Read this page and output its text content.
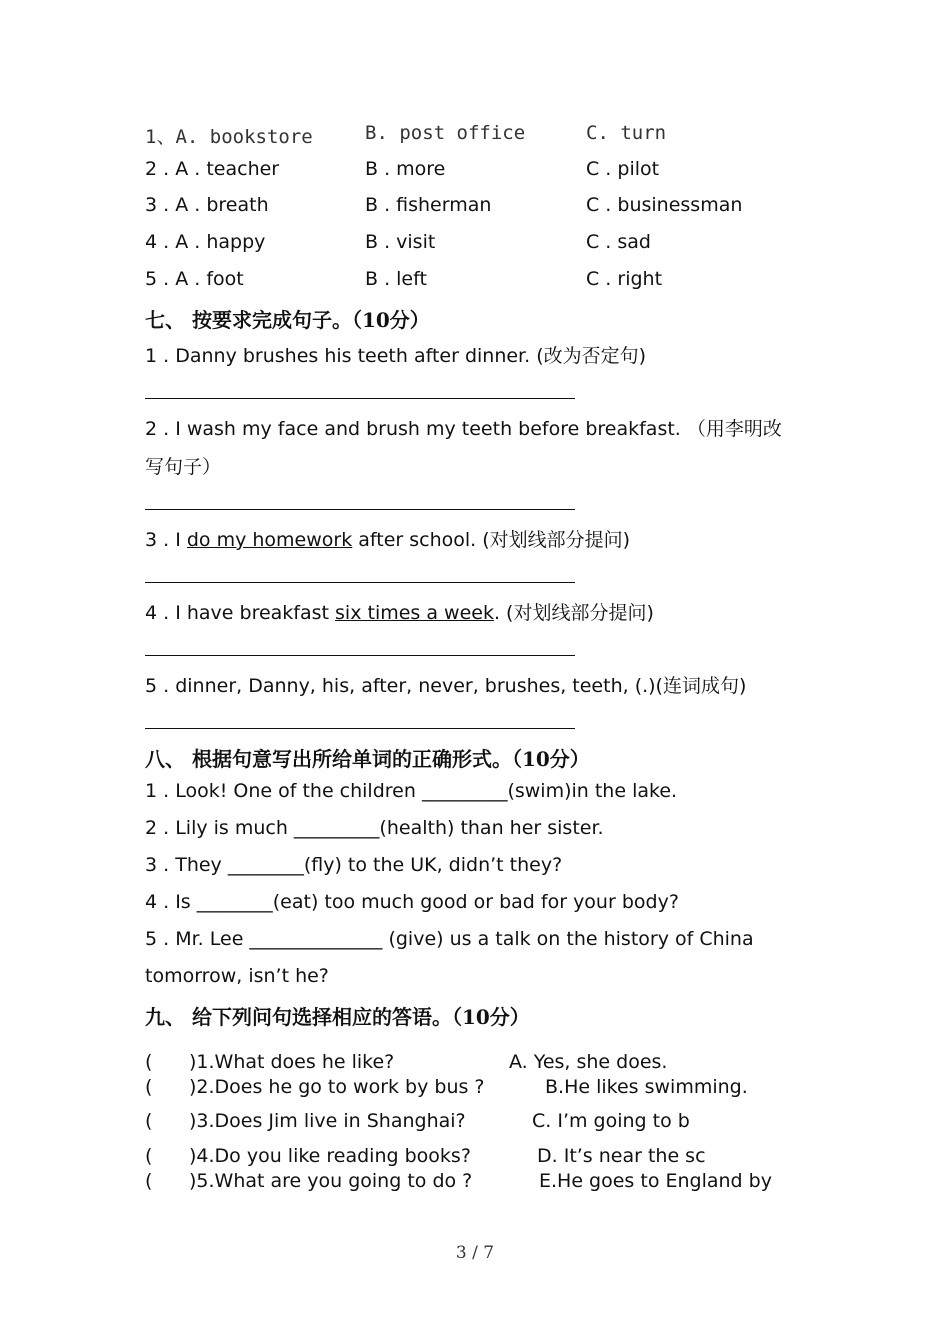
1、A. bookstore	B. post office	C. turn
2 . A . teacher	B . more	C . pilot
3 . A . breath	B . fisherman	C . businessman
4 . A . happy	B . visit	C . sad
5 . A . foot	B . left	C . right
七、 按要求完成句子。（10分）
1 . Danny brushes his teeth after dinner. (改为否定句)
2 . I wash my face and brush my teeth before breakfast. （用李明改
写句子）
3 . I do my homework after school. (对划线部分提问)
4 . I have breakfast six times a week. (对划线部分提问)
5 . dinner, Danny, his, after, never, brushes, teeth, (.)(连词成句)
八、 根据句意写出所给单词的正确形式。（10分）
1 . Look! One of the children _________(swim)in the lake.
2 . Lily is much _________(health) than her sister.
3 . They ________(fly) to the UK, didn’t they?
4 . Is ________(eat) too much good or bad for your body?
5 . Mr. Lee ______________ (give) us a talk on the history of China
tomorrow, isn’t he?
九、 给下列问句选择相应的答语。（10分）
( )1.What does he like?	A. Yes, she does.
( )2.Does he go to work by bus ?	B.He likes swimming.
( )3.Does Jim live in Shanghai?	C. I’m going to b
( )4.Do you like reading books?	D. It’s near the sc
( )5.What are you going to do ?	E.He goes to England by
3 / 7
